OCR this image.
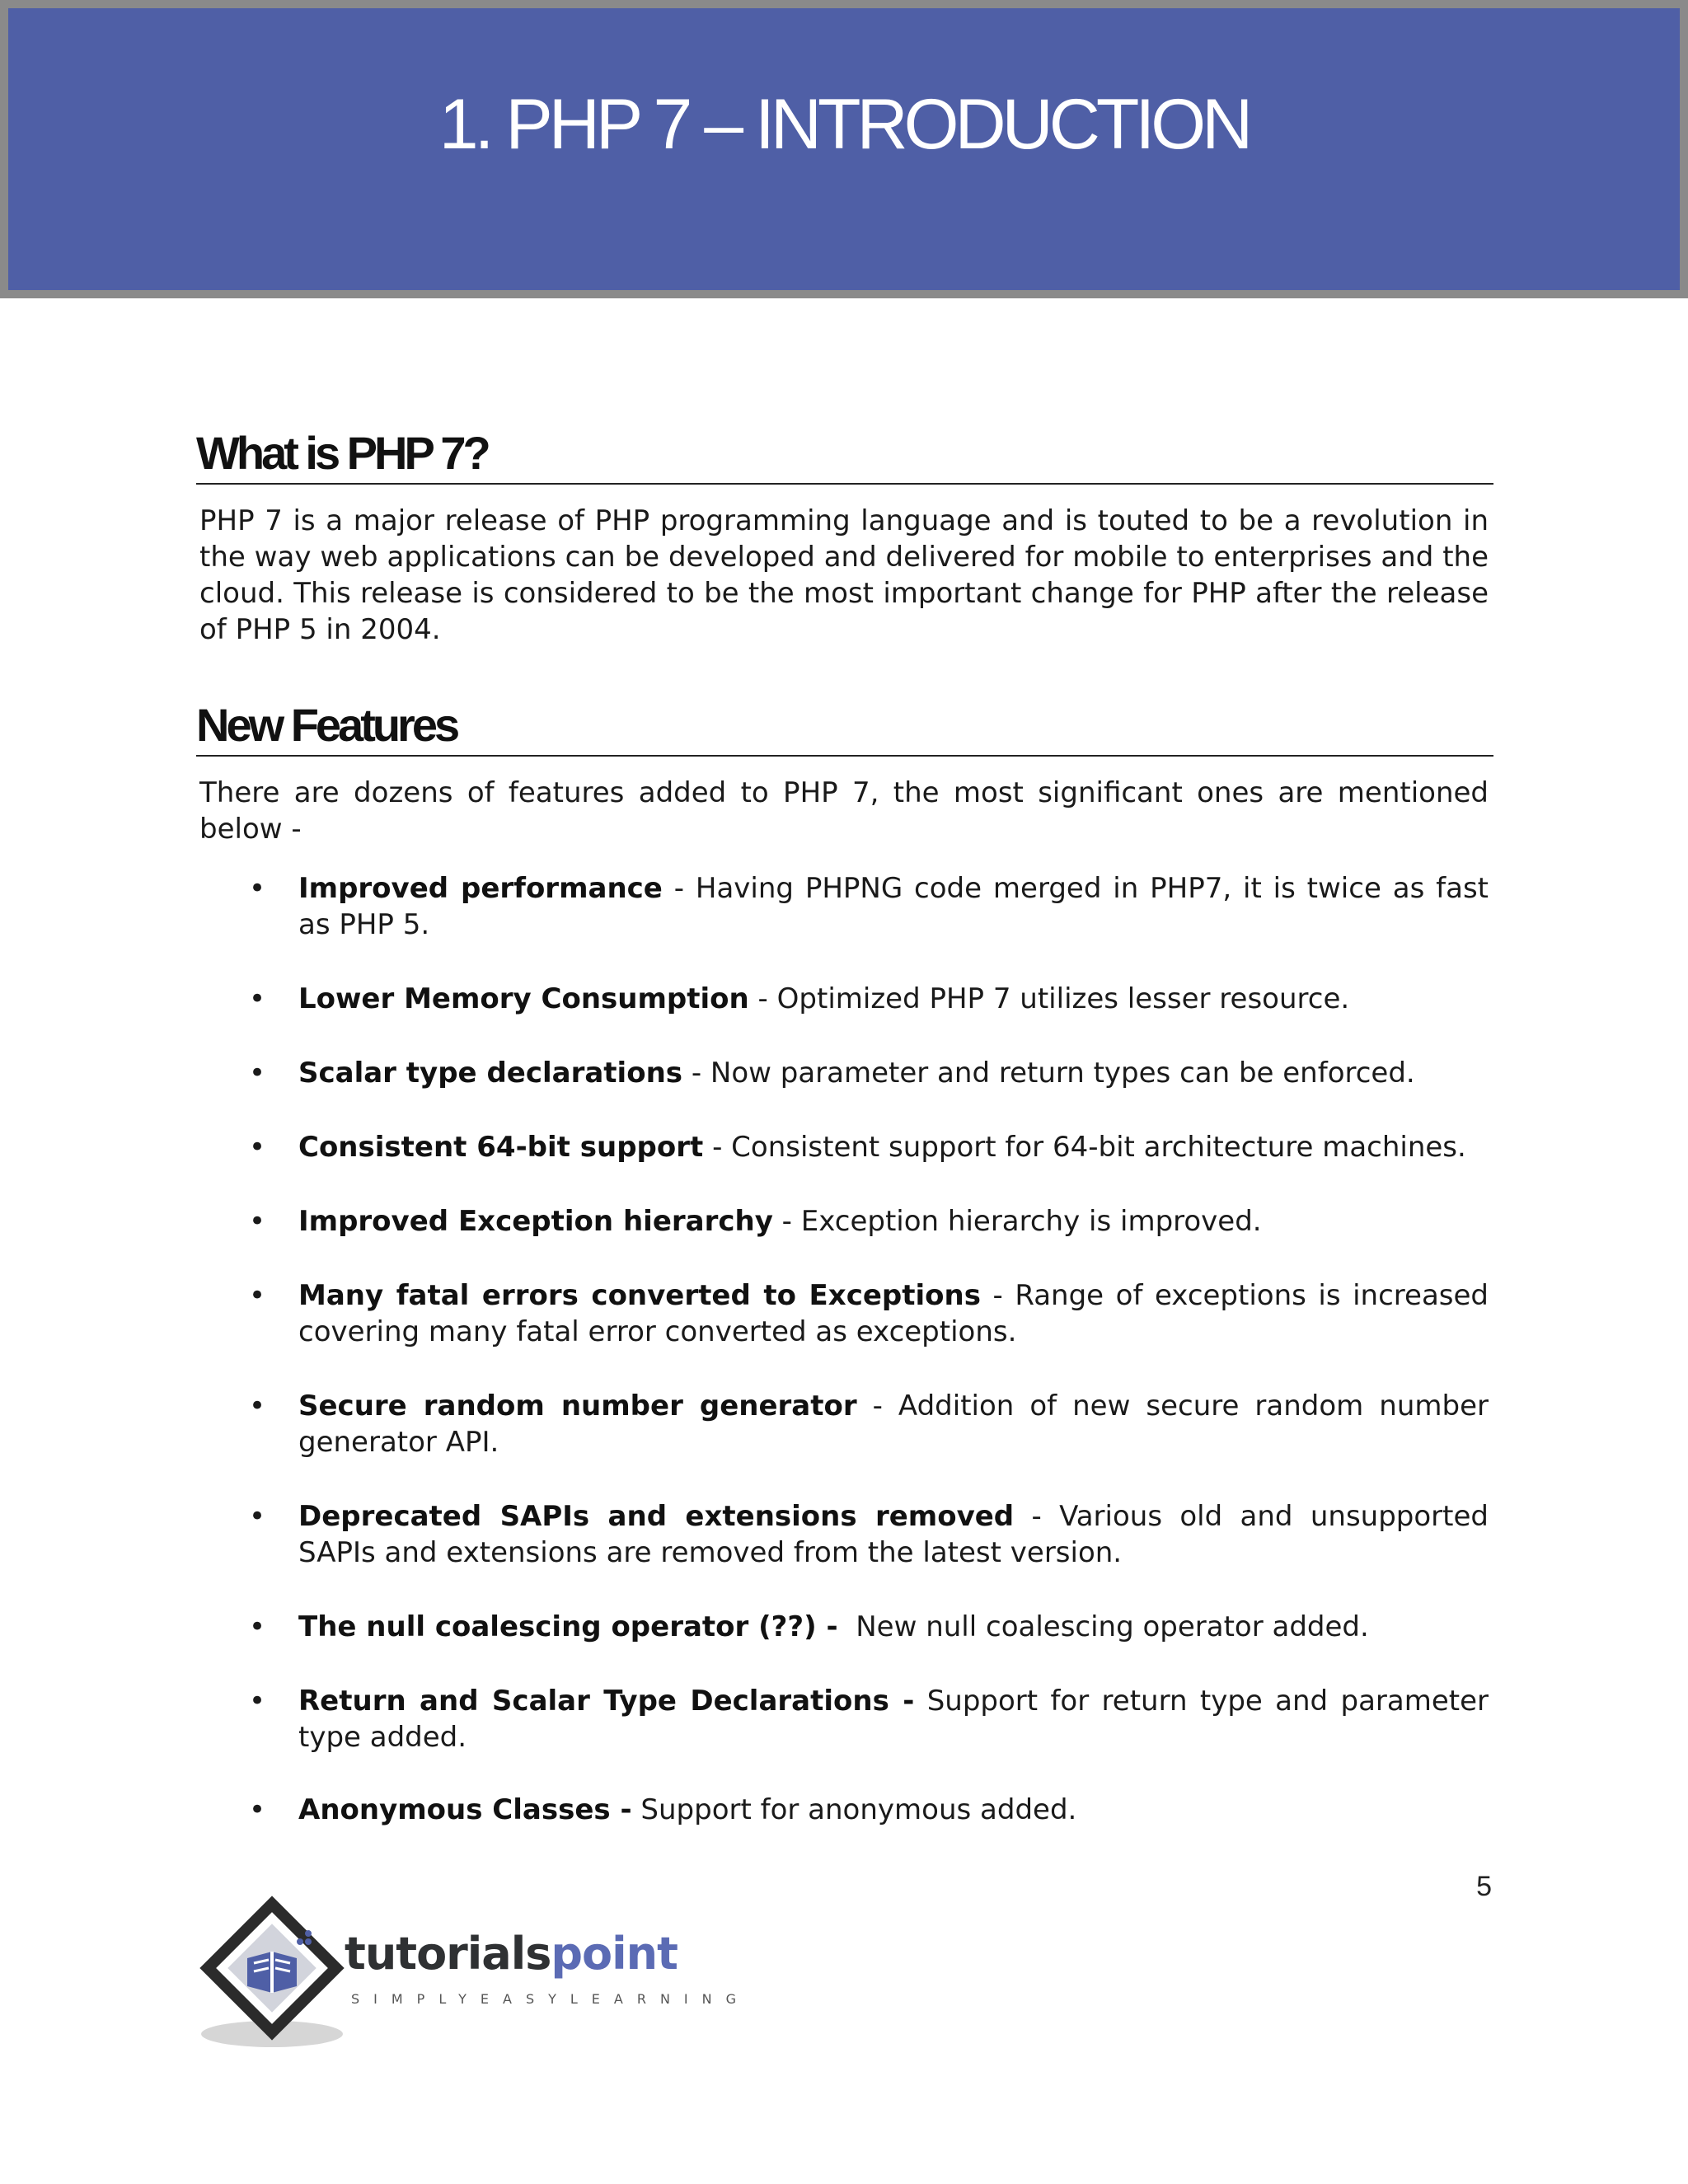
1. PHP 7 – INTRODUCTION
What is PHP 7?
PHP 7 is a major release of PHP programming language and is touted to be a revolution in the way web applications can be developed and delivered for mobile to enterprises and the cloud. This release is considered to be the most important change for PHP after the release of PHP 5 in 2004.
New Features
There are dozens of features added to PHP 7, the most significant ones are mentioned below -
• Improved performance - Having PHPNG code merged in PHP7, it is twice as fast as PHP 5.
• Lower Memory Consumption - Optimized PHP 7 utilizes lesser resource.
• Scalar type declarations - Now parameter and return types can be enforced.
• Consistent 64-bit support - Consistent support for 64-bit architecture machines.
• Improved Exception hierarchy - Exception hierarchy is improved.
• Many fatal errors converted to Exceptions - Range of exceptions is increased covering many fatal error converted as exceptions.
• Secure random number generator - Addition of new secure random number generator API.
• Deprecated SAPIs and extensions removed - Various old and unsupported SAPIs and extensions are removed from the latest version.
• The null coalescing operator (??) - New null coalescing operator added.
• Return and Scalar Type Declarations - Support for return type and parameter type added.
• Anonymous Classes - Support for anonymous added.
5
tutorialspoint
SIMPLYEASYLEARNING
